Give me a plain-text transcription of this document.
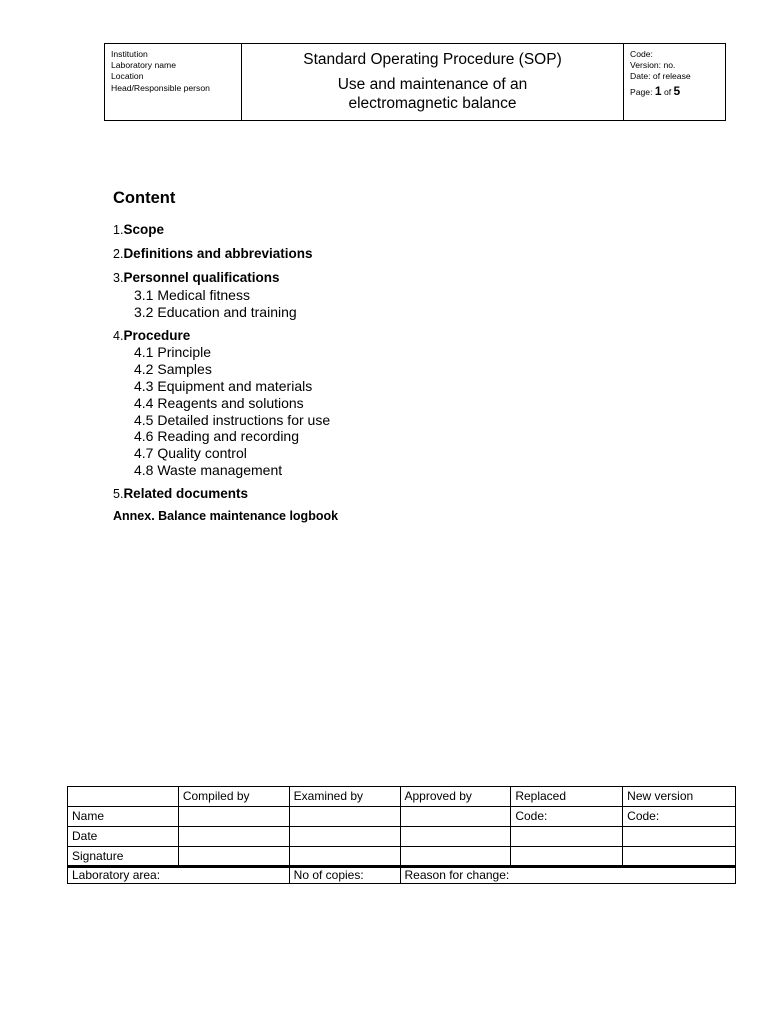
Institution
Laboratory name
Location
Head/Responsible person
Standard Operating Procedure (SOP)
Use and maintenance of an
electromagnetic balance
Code:
Version: no.
Date: of release
Page: 1 of 5
Content
1.Scope
2.Definitions and abbreviations
3.Personnel qualifications
3.1 Medical fitness
3.2 Education and training
4.Procedure
4.1 Principle
4.2 Samples
4.3 Equipment and materials
4.4 Reagents and solutions
4.5 Detailed instructions for use
4.6 Reading and recording
4.7 Quality control
4.8 Waste management
5.Related documents
Annex. Balance maintenance logbook
	Compiled by	Examined by	Approved by	Replaced	New version
Name				Code:	Code:
Date					
Signature					
Laboratory area:		No of copies:	Reason for change:		
